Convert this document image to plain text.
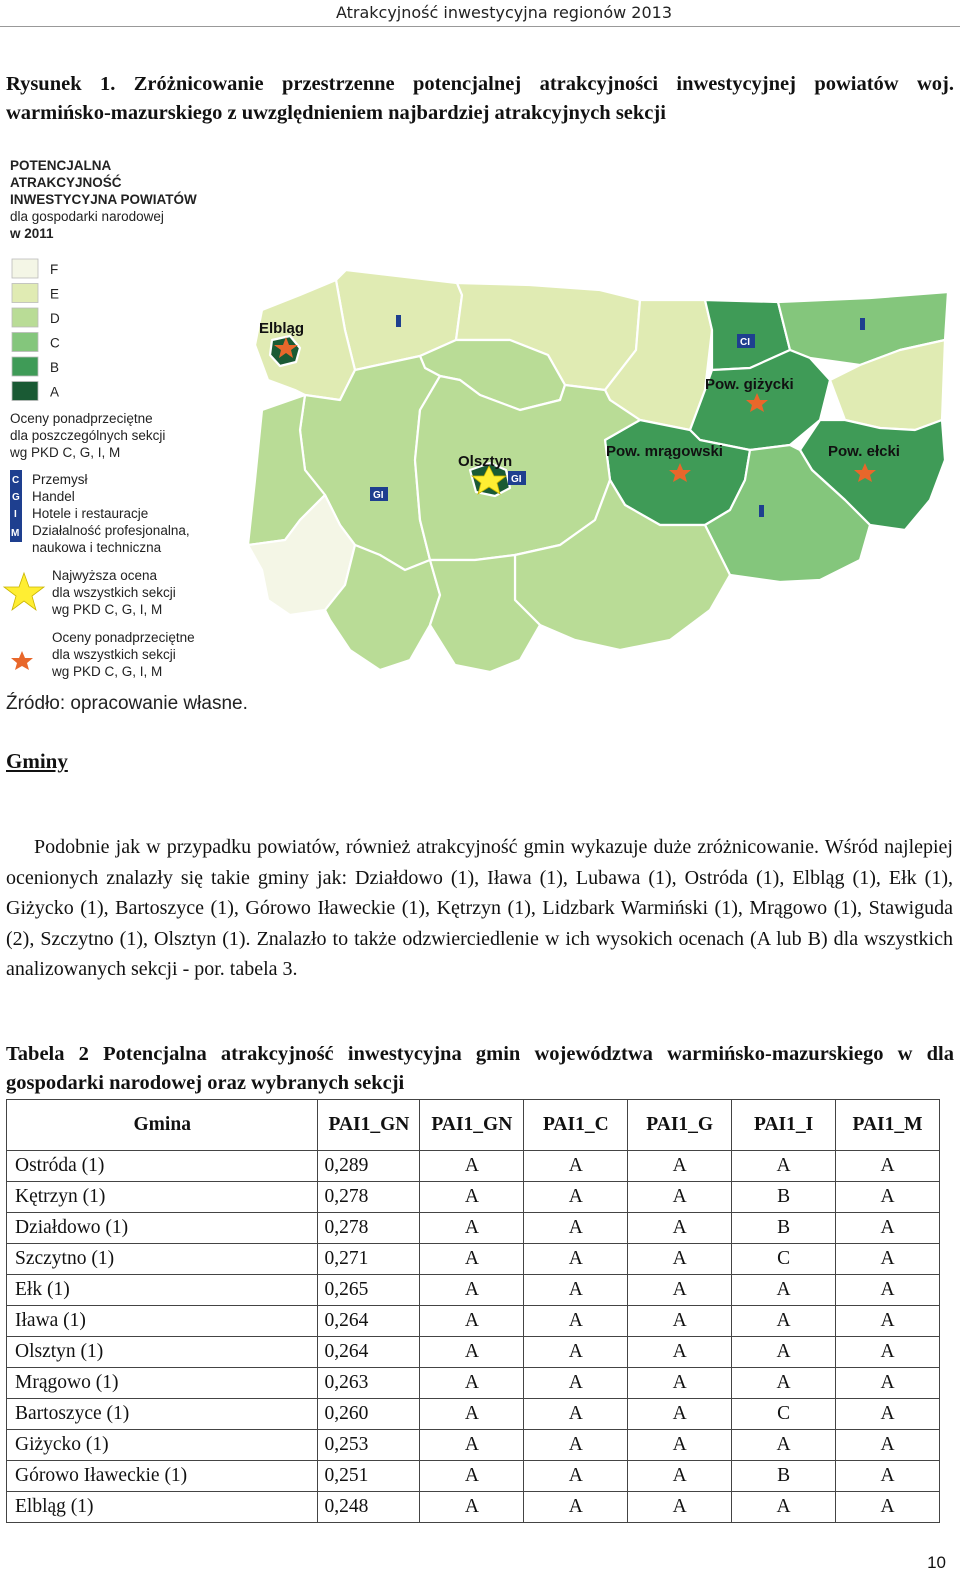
Atrakcyjność inwestycyjna regionów 2013
Rysunek 1. Zróżnicowanie przestrzenne potencjalnej atrakcyjności inwestycyjnej powiatów woj. warmińsko-mazurskiego z uwzględnieniem najbardziej atrakcyjnych sekcji
POTENCJALNA
ATRAKCYJNOŚĆ
INWESTYCYJNA POWIATÓW
dla gospodarki narodowej
w 2011
F
E
D
C
B
A
Oceny ponadprzeciętne
dla poszczególnych sekcji
wg PKD C, G, I, M
C
G
I
M
Przemysł
Handel
Hotele i restauracje
Działalność profesjonalna,
naukowa i techniczna
Najwyższa ocena
dla wszystkich sekcji
wg PKD C, G, I, M
Oceny ponadprzeciętne
dla wszystkich sekcji
wg PKD C, G, I, M
CI
GI
GI
Elbląg
Olsztyn
Pow. giżycki
Pow. mrągowski	Pow. ełcki
Źródło: opracowanie własne.
Gminy
Podobnie jak w przypadku powiatów, również atrakcyjność gmin wykazuje duże zróżnicowanie. Wśród najlepiej ocenionych znalazły się takie gminy jak: Działdowo (1), Iława (1), Lubawa (1), Ostróda (1), Elbląg (1), Ełk (1), Giżycko (1), Bartoszyce (1), Górowo Iławeckie (1), Kętrzyn (1), Lidzbark Warmiński (1), Mrągowo (1), Stawiguda (2), Szczytno (1), Olsztyn (1). Znalazło to także odzwierciedlenie w ich wysokich ocenach (A lub B) dla wszystkich analizowanych sekcji - por. tabela 3.
Tabela 2 Potencjalna atrakcyjność inwestycyjna gmin województwa warmińsko-mazurskiego w dla gospodarki narodowej oraz wybranych sekcji
Gmina	PAI1_GN	PAI1_GN	PAI1_C	PAI1_G	PAI1_I	PAI1_M
Ostróda (1)	0,289	A	A	A	A	A
Kętrzyn (1)	0,278	A	A	A	B	A
Działdowo (1)	0,278	A	A	A	B	A
Szczytno (1)	0,271	A	A	A	C	A
Ełk (1)	0,265	A	A	A	A	A
Iława (1)	0,264	A	A	A	A	A
Olsztyn (1)	0,264	A	A	A	A	A
Mrągowo (1)	0,263	A	A	A	A	A
Bartoszyce (1)	0,260	A	A	A	C	A
Giżycko (1)	0,253	A	A	A	A	A
Górowo Iławeckie (1)	0,251	A	A	A	B	A
Elbląg (1)	0,248	A	A	A	A	A
10
